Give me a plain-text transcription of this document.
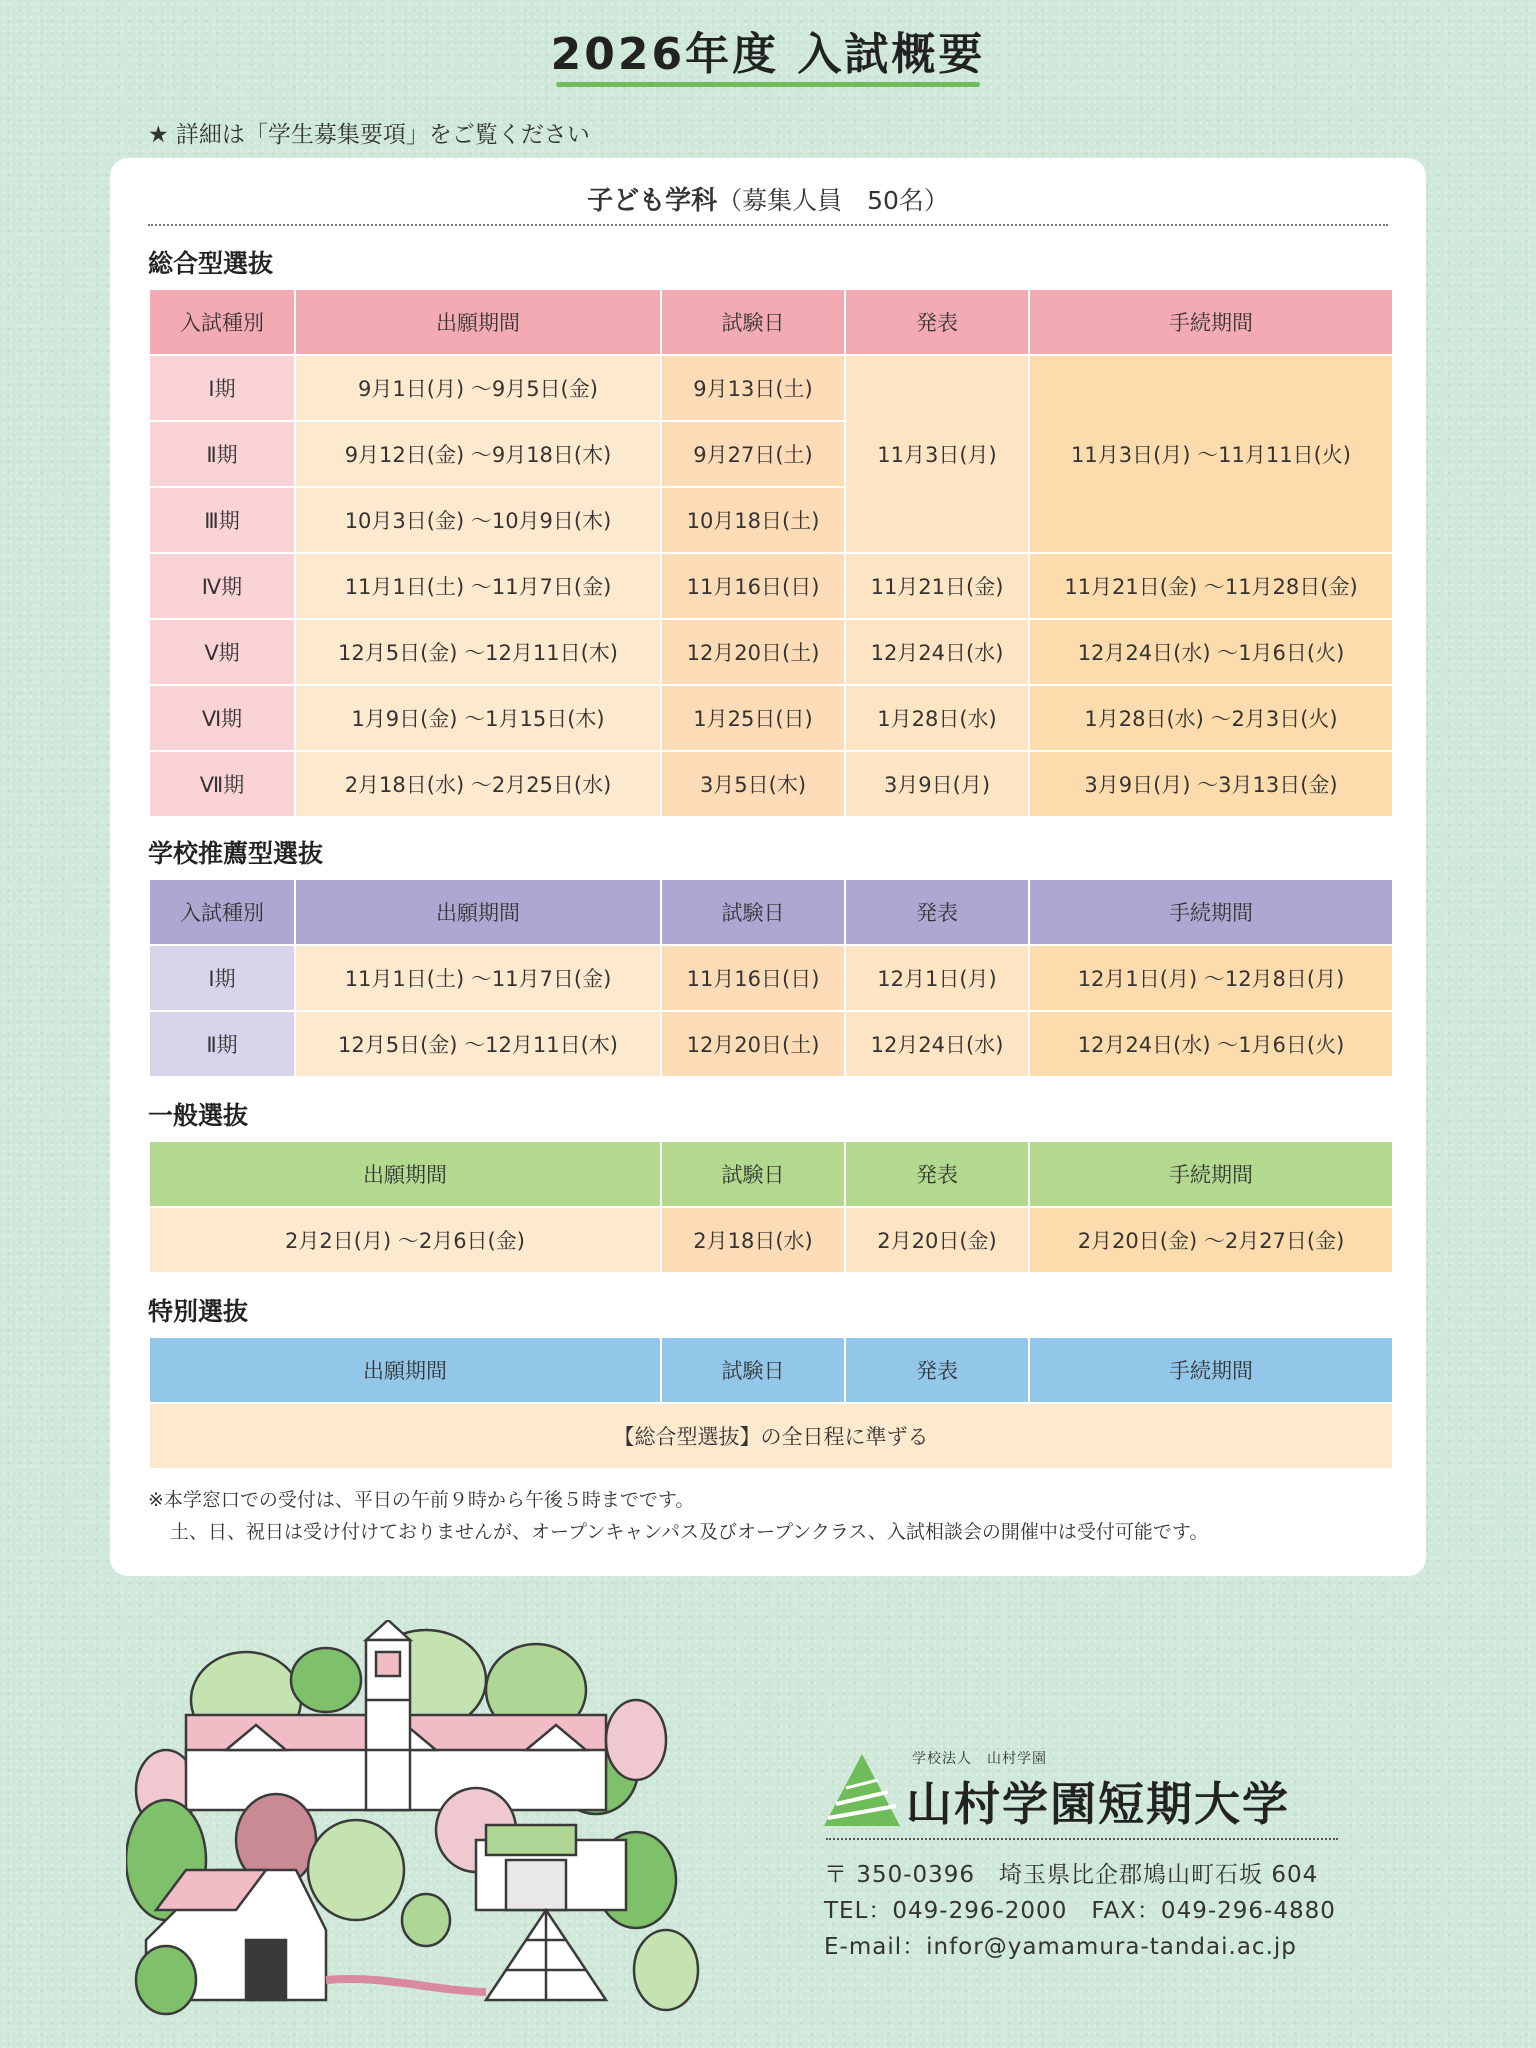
2026年度 入試概要
★ 詳細は「学生募集要項」をご覧ください
子ども学科（募集人員　50名）
総合型選抜
入試種別	出願期間	試験日	発表	手続期間
Ⅰ期	9月1日(月) 〜9月5日(金)	9月13日(土)	11月3日(月)	11月3日(月) 〜11月11日(火)
Ⅱ期	9月12日(金) 〜9月18日(木)	9月27日(土)		
Ⅲ期	10月3日(金) 〜10月9日(木)	10月18日(土)		
Ⅳ期	11月1日(土) 〜11月7日(金)	11月16日(日)	11月21日(金)	11月21日(金) 〜11月28日(金)
Ⅴ期	12月5日(金) 〜12月11日(木)	12月20日(土)	12月24日(水)	12月24日(水) 〜1月6日(火)
Ⅵ期	1月9日(金) 〜1月15日(木)	1月25日(日)	1月28日(水)	1月28日(水) 〜2月3日(火)
Ⅶ期	2月18日(水) 〜2月25日(水)	3月5日(木)	3月9日(月)	3月9日(月) 〜3月13日(金)
学校推薦型選抜
入試種別	出願期間	試験日	発表	手続期間
Ⅰ期	11月1日(土) 〜11月7日(金)	11月16日(日)	12月1日(月)	12月1日(月) 〜12月8日(月)
Ⅱ期	12月5日(金) 〜12月11日(木)	12月20日(土)	12月24日(水)	12月24日(水) 〜1月6日(火)
一般選抜
出願期間	試験日	発表	手続期間
2月2日(月) 〜2月6日(金)	2月18日(水)	2月20日(金)	2月20日(金) 〜2月27日(金)
特別選抜
出願期間	試験日	発表	手続期間
【総合型選抜】の全日程に準ずる
※本学窓口での受付は、平日の午前９時から午後５時までです。
土、日、祝日は受け付けておりませんが、オープンキャンパス及びオープンクラス、入試相談会の開催中は受付可能です。
学校法人　山村学園
山村学園短期大学
〒 350-0396　埼玉県比企郡鳩山町石坂 604
TEL：049-296-2000　FAX：049-296-4880
E-mail：infor@yamamura-tandai.ac.jp
